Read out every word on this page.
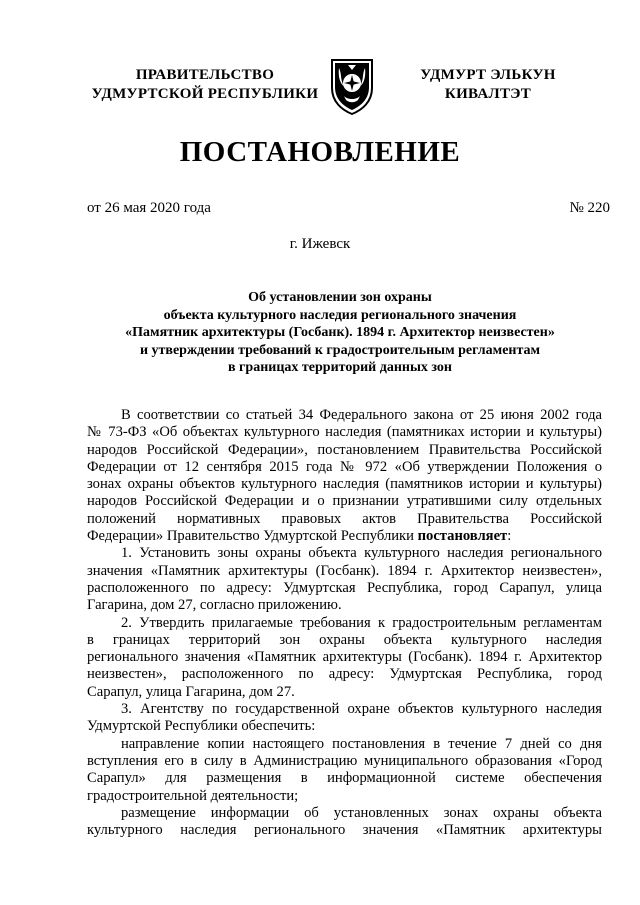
ПРАВИТЕЛЬСТВО
УДМУРТСКОЙ РЕСПУБЛИКИ
УДМУРТ ЭЛЬКУН
КИВАЛТЭТ
ПОСТАНОВЛЕНИЕ
от 26 мая 2020 года	№ 220
г. Ижевск
Об установлении зон охраны
объекта культурного наследия регионального значения
«Памятник архитектуры (Госбанк). 1894 г. Архитектор неизвестен»
и утверждении требований к градостроительным регламентам
в границах территорий данных зон
В соответствии со статьей 34 Федерального закона от 25 июня 2002 года
№ 73-ФЗ «Об объектах культурного наследия (памятниках истории и культуры)
народов Российской Федерации», постановлением Правительства Российской
Федерации от 12 сентября 2015 года № 972 «Об утверждении Положения о
зонах охраны объектов культурного наследия (памятников истории и культуры)
народов Российской Федерации и о признании утратившими силу отдельных
положений нормативных правовых актов Правительства Российской
Федерации» Правительство Удмуртской Республики постановляет:
1. Установить зоны охраны объекта культурного наследия регионального
значения «Памятник архитектуры (Госбанк). 1894 г. Архитектор неизвестен»,
расположенного по адресу: Удмуртская Республика, город Сарапул, улица
Гагарина, дом 27, согласно приложению.
2. Утвердить прилагаемые требования к градостроительным регламентам
в границах территорий зон охраны объекта культурного наследия
регионального значения «Памятник архитектуры (Госбанк). 1894 г. Архитектор
неизвестен», расположенного по адресу: Удмуртская Республика, город
Сарапул, улица Гагарина, дом 27.
3. Агентству по государственной охране объектов культурного наследия
Удмуртской Республики обеспечить:
направление копии настоящего постановления в течение 7 дней со дня
вступления его в силу в Администрацию муниципального образования «Город
Сарапул» для размещения в информационной системе обеспечения
градостроительной деятельности;
размещение информации об установленных зонах охраны объекта
культурного наследия регионального значения «Памятник архитектуры
